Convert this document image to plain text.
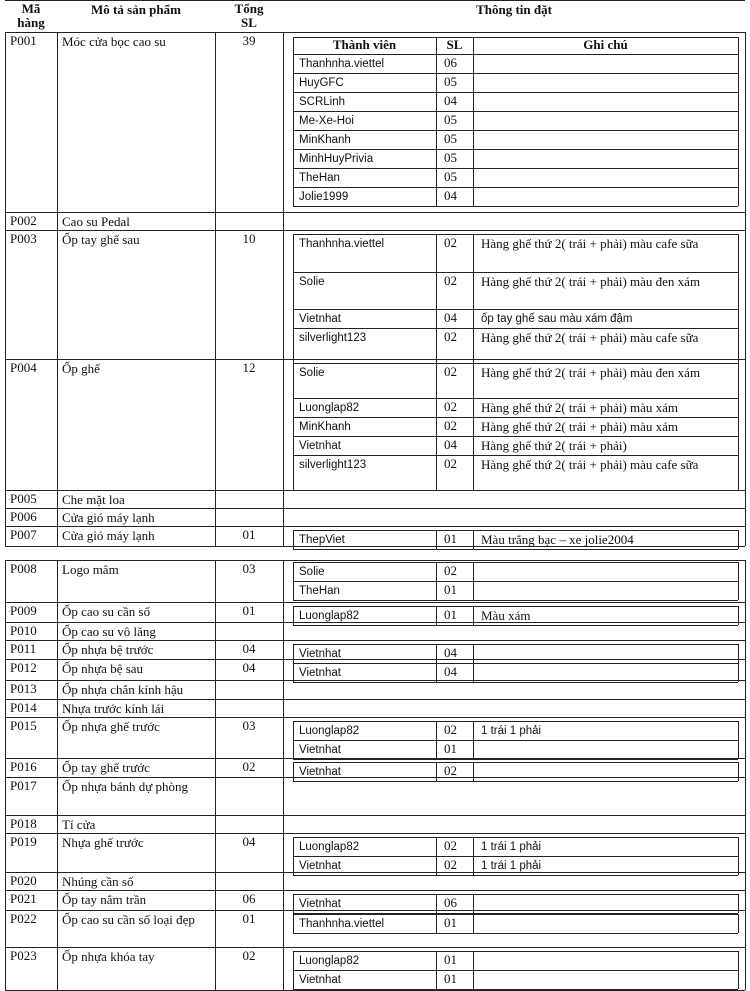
Mã
hàng
Mô tả sản phẩm	Tổng
SL
Thông tin đặt
Thành viên	SL	Ghi chú
P001 Móc cửa bọc cao su	39
Thanhnha.viettel	06
HuyGFC	05
SCRLinh	04
Me-Xe-Hoi	05
MinKhanh	05
MinhHuyPrivia	05
TheHan	05
Jolie1999	04
P002 Cao su Pedal
P003 Ốp tay ghế sau	10	Thanhnha.viettel	02 Hàng ghế thứ 2( trái + phải) màu cafe sữa
Solie	02 Hàng ghế thứ 2( trái + phải) màu đen xám
Vietnhat	04 ốp tay ghế sau màu xám đậm
silverlight123	02 Hàng ghế thứ 2( trái + phải) màu cafe sữa
P004 Ốp ghế	12	Solie	02 Hàng ghế thứ 2( trái + phải) màu đen xám
Luonglap82	02 Hàng ghế thứ 2( trái + phải) màu xám
MinKhanh	02 Hàng ghế thứ 2( trái + phải) màu xám
Vietnhat	04 Hàng ghế thứ 2( trái + phải)
silverlight123	02 Hàng ghế thứ 2( trái + phải) màu cafe sữa
P005 Che mặt loa
P006 Cửa gió máy lạnh
P007 Cửa gió máy lạnh	01	ThepViet	01 Màu trắng bạc – xe jolie2004
P008 Logo mâm	03	Solie	02
TheHan	01
P009 Ốp cao su cần số	01	Luonglap82	01 Màu xám
P010 Ốp cao su vô lăng
P011 Ốp nhựa bệ trước	04	Vietnhat	04
P012 Ốp nhựa bệ sau	04	Vietnhat	04
P013 Ốp nhựa chắn kính hậu
P014 Nhựa trước kính lái
P015 Ốp nhựa ghế trước	03	Luonglap82	02 1 trái 1 phải
Vietnhat	01
P016 Ốp tay ghế trước	02	Vietnhat	02
P017 Ốp nhựa bánh dự phòng
P018 Tí cửa
P019 Nhựa ghế trước	04	Luonglap82	02 1 trái 1 phải
Vietnhat	02 1 trái 1 phải
P020 Nhúng cần số
P021 Ốp tay nắm trần	06	Vietnhat	06
P022 Ốp cao su cần số loại đẹp	01	Thanhnha.viettel	01
P023 Ốp nhựa khóa tay	02	Luonglap82	01
Vietnhat	01
